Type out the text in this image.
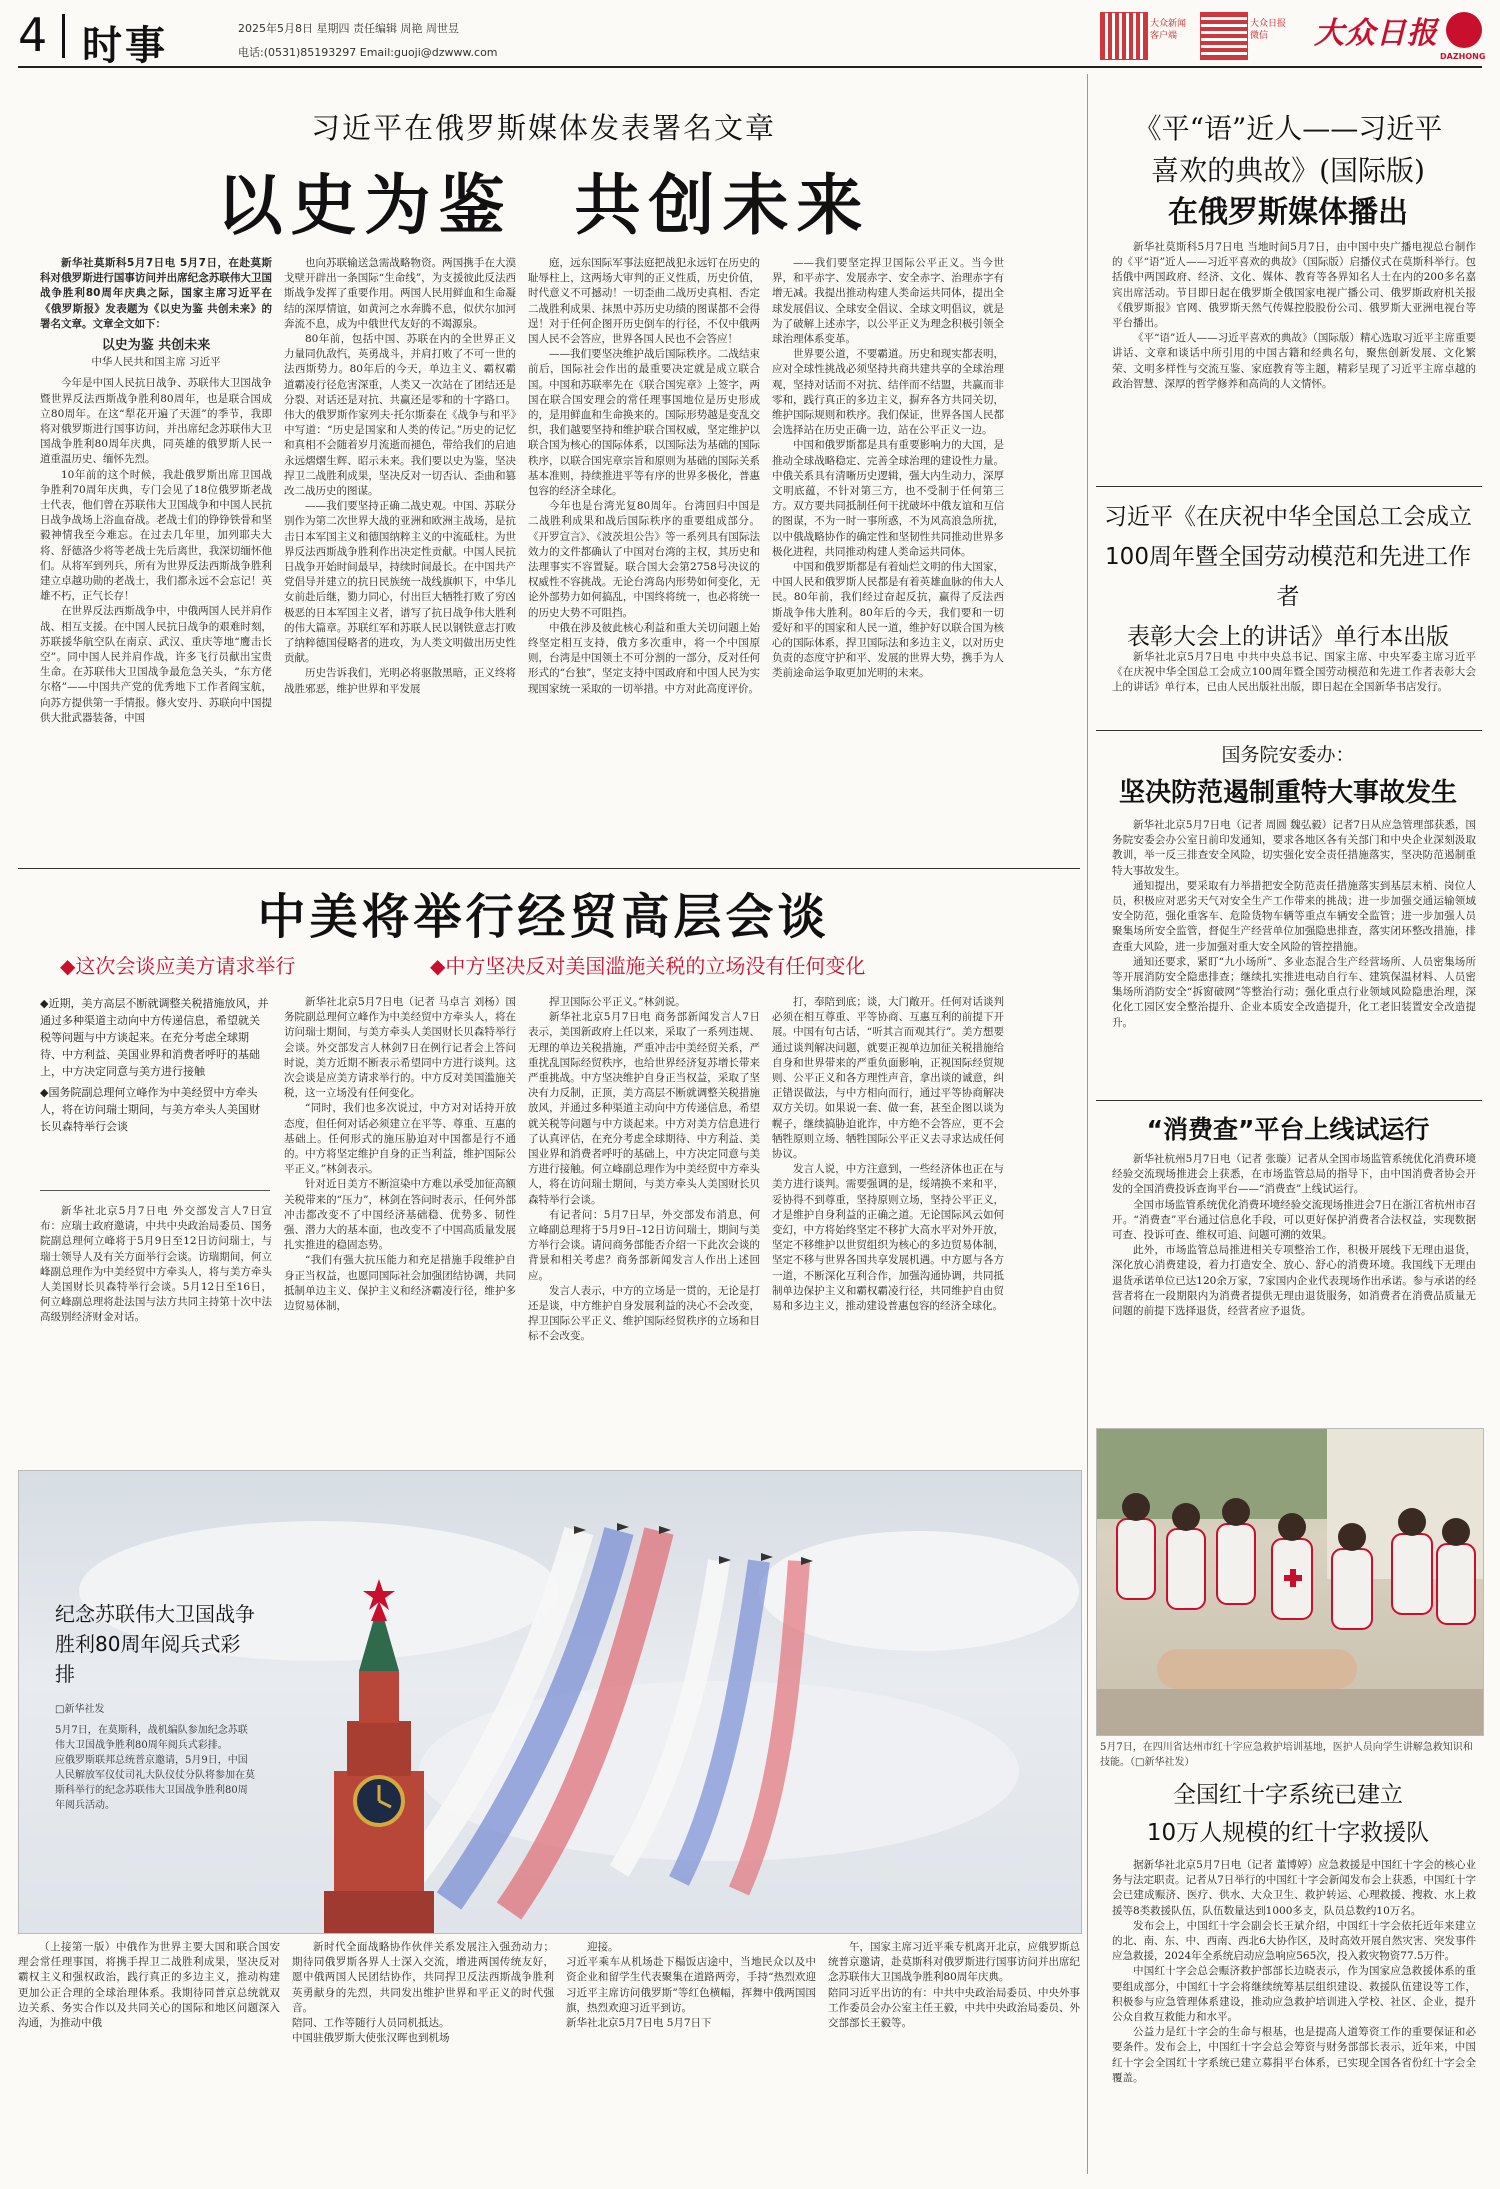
4 时事	2025年5月8日 星期四 责任编辑 周艳 周世昱
电话:(0531)85193297 Email:guoji@dzwww.com
大众新闻
客户端
大众日报
微信	大众日报
DAZHONG
习近平在俄罗斯媒体发表署名文章
以史为鉴  共创未来

新华社莫斯科5月7日电 5月7日，在赴莫斯科对俄罗斯进行国事访问并出席纪念苏联伟大卫国战争胜利80周年庆典之际，国家主席习近平在《俄罗斯报》发表题为《以史为鉴 共创未来》的署名文章。文章全文如下：

以史为鉴 共创未来

中华人民共和国主席 习近平

今年是中国人民抗日战争、苏联伟大卫国战争暨世界反法西斯战争胜利80周年，也是联合国成立80周年。在这“犁花开遍了天涯”的季节，我即将对俄罗斯进行国事访问，并出席纪念苏联伟大卫国战争胜利80周年庆典，同英雄的俄罗斯人民一道重温历史、缅怀先烈。

10年前的这个时候，我赴俄罗斯出席卫国战争胜利70周年庆典，专门会见了18位俄罗斯老战士代表，他们曾在苏联伟大卫国战争和中国人民抗日战争战场上浴血奋战。老战士们的铮铮铁骨和坚毅神情我至今难忘。在过去几年里，加列耶夫大将、舒德洛少将等老战士先后离世，我深切缅怀他们。从将军到列兵，所有为世界反法西斯战争胜利建立卓越功勋的老战士，我们都永远不会忘记！英雄不朽，正气长存！

在世界反法西斯战争中，中俄两国人民并肩作战、相互支援。在中国人民抗日战争的艰难时刻，苏联援华航空队在南京、武汉、重庆等地“鹰击长空”。同中国人民并肩作战，许多飞行员献出宝贵生命。在苏联伟大卫国战争最危急关头，“东方佬尔格”——中国共产党的优秀地下工作者阎宝航，向苏方提供第一手情报。修火安丹、苏联向中国提供大批武器装备，中国

也向苏联输送急需战略物资。两国携手在大漠戈壁开辟出一条国际“生命线”，为支援彼此反法西斯战争发挥了重要作用。两国人民用鲜血和生命凝结的深厚情谊，如黄河之水奔腾不息，似伏尔加河奔流不息，成为中俄世代友好的不竭源泉。

80年前，包括中国、苏联在内的全世界正义力量同仇敌忾，英勇战斗，并肩打败了不可一世的法西斯势力。80年后的今天，单边主义、霸权霸道霸凌行径危害深重，人类又一次站在了团结还是分裂、对话还是对抗、共赢还是零和的十字路口。伟大的俄罗斯作家列夫·托尔斯泰在《战争与和平》中写道：“历史是国家和人类的传记。”历史的记忆和真相不会随着岁月流逝而褪色，带给我们的启迪永远熠熠生辉、昭示未来。我们要以史为鉴，坚决捍卫二战胜利成果，坚决反对一切否认、歪曲和篡改二战历史的图谋。

——我们要坚持正确二战史观。中国、苏联分别作为第二次世界大战的亚洲和欧洲主战场，是抗击日本军国主义和德国纳粹主义的中流砥柱。为世界反法西斯战争胜利作出决定性贡献。中国人民抗日战争开始时间最早，持续时间最长。在中国共产党倡导并建立的抗日民族统一战线旗帜下，中华儿女前赴后继，勠力同心，付出巨大牺牲打败了穷凶极恶的日本军国主义者，谱写了抗日战争伟大胜利的伟大篇章。苏联红军和苏联人民以钢铁意志打败了纳粹德国侵略者的进攻，为人类文明做出历史性贡献。

历史告诉我们，光明必将驱散黑暗，正义终将战胜邪恶，维护世界和平发展

庭，远东国际军事法庭把战犯永远钉在历史的耻辱柱上，这两场大审判的正义性质，历史价值，时代意义不可撼动！一切歪曲二战历史真相、否定二战胜利成果、抹黑中苏历史功绩的图谋都不会得逞！对于任何企图开历史倒车的行径，不仅中俄两国人民不会答应，世界各国人民也不会答应！

——我们要坚决维护战后国际秩序。二战结束前后，国际社会作出的最重要决定就是成立联合国。中国和苏联率先在《联合国宪章》上签字，两国在联合国安理会的常任理事国地位是历史形成的，是用鲜血和生命换来的。国际形势越是变乱交织，我们越要坚持和维护联合国权威，坚定维护以联合国为核心的国际体系，以国际法为基础的国际秩序，以联合国宪章宗旨和原则为基础的国际关系基本准则，持续推进平等有序的世界多极化，普惠包容的经济全球化。

今年也是台湾光复80周年。台湾回归中国是二战胜利成果和战后国际秩序的重要组成部分。《开罗宣言》、《波茨坦公告》等一系列具有国际法效力的文件都确认了中国对台湾的主权，其历史和法理事实不容置疑。联合国大会第2758号决议的权威性不容挑战。无论台湾岛内形势如何变化，无论外部势力如何搞乱，中国终将统一，也必将统一的历史大势不可阻挡。

中俄在涉及彼此核心利益和重大关切问题上始终坚定相互支持，俄方多次重申，将一个中国原则，台湾是中国领土不可分割的一部分，反对任何形式的“台独”，坚定支持中国政府和中国人民为实现国家统一采取的一切举措。中方对此高度评价。

——我们要坚定捍卫国际公平正义。当今世界，和平赤字、发展赤字、安全赤字、治理赤字有增无减。我提出推动构建人类命运共同体，提出全球发展倡议、全球安全倡议、全球文明倡议，就是为了破解上述赤字，以公平正义为理念积极引领全球治理体系变革。

世界要公道，不要霸道。历史和现实都表明，应对全球性挑战必须坚持共商共建共享的全球治理观，坚持对话而不对抗、结伴而不结盟，共赢而非零和，践行真正的多边主义，摒弃各方共同关切，维护国际规则和秩序。我们保证，世界各国人民都会选择站在历史正确一边，站在公平正义一边。

中国和俄罗斯都是具有重要影响力的大国，是推动全球战略稳定、完善全球治理的建设性力量。中俄关系具有清晰历史逻辑，强大内生动力，深厚文明底蕴，不针对第三方，也不受制于任何第三方。双方要共同抵制任何干扰破坏中俄友谊和互信的图谋，不为一时一事所惑，不为风高浪急所扰，以中俄战略协作的确定性和坚韧性共同推动世界多极化进程，共同推动构建人类命运共同体。

中国和俄罗斯都是有着灿烂文明的伟大国家，中国人民和俄罗斯人民都是有着英雄血脉的伟大人民。80年前，我们经过奋起反抗，赢得了反法西斯战争伟大胜利。80年后的今天，我们要和一切爱好和平的国家和人民一道，维护好以联合国为核心的国际体系，捍卫国际法和多边主义，以对历史负责的态度守护和平、发展的世界大势，携手为人类前途命运争取更加光明的未来。

中美将举行经贸高层会谈
◆这次会谈应美方请求举行	◆中方坚决反对美国滥施关税的立场没有任何变化
◆近期，美方高层不断就调整关税措施放风，并通过多种渠道主动向中方传递信息，希望就关税等问题与中方谈起来。在充分考虑全球期待、中方利益、美国业界和消费者呼吁的基础上，中方决定同意与美方进行接触
◆国务院副总理何立峰作为中美经贸中方牵头人，将在访问瑞士期间，与美方牵头人美国财长贝森特举行会谈

新华社北京5月7日电 外交部发言人7日宣布：应瑞士政府邀请，中共中央政治局委员、国务院副总理何立峰将于5月9日至12日访问瑞士，与瑞士领导人及有关方面举行会谈。访瑞期间，何立峰副总理作为中美经贸中方牵头人，将与美方牵头人美国财长贝森特举行会谈。5月12日至16日，何立峰副总理将赴法国与法方共同主持第十次中法高级别经济财金对话。

新华社北京5月7日电（记者 马卓言 刘杨）国务院副总理何立峰作为中美经贸中方牵头人，将在访问瑞士期间，与美方牵头人美国财长贝森特举行会谈。外交部发言人林剑7日在例行记者会上答问时说，美方近期不断表示希望同中方进行谈判。这次会谈是应美方请求举行的。中方反对美国滥施关税，这一立场没有任何变化。

“同时，我们也多次说过，中方对对话持开放态度，但任何对话必须建立在平等、尊重、互惠的基础上。任何形式的施压胁迫对中国都是行不通的。中方将坚定维护自身的正当利益，维护国际公平正义。”林剑表示。

针对近日美方不断渲染中方难以承受加征高额关税带来的“压力”，林剑在答问时表示，任何外部冲击都改变不了中国经济基础稳、优势多、韧性强、潜力大的基本面，也改变不了中国高质量发展扎实推进的稳固态势。

“我们有强大抗压能力和充足措施手段维护自身正当权益，也愿同国际社会加强团结协调，共同抵制单边主义、保护主义和经济霸凌行径，维护多边贸易体制，

捍卫国际公平正义。”林剑说。

新华社北京5月7日电 商务部新闻发言人7日表示，美国新政府上任以来，采取了一系列违规、无理的单边关税措施，严重冲击中美经贸关系，严重扰乱国际经贸秩序，也给世界经济复苏增长带来严重挑战。中方坚决维护自身正当权益，采取了坚决有力反制，正顶，美方高层不断就调整关税措施放风，并通过多种渠道主动向中方传递信息，希望就关税等问题与中方谈起来。中方对美方信息进行了认真评估，在充分考虑全球期待、中方利益、美国业界和消费者呼吁的基础上，中方决定同意与美方进行接触。何立峰副总理作为中美经贸中方牵头人，将在访问瑞士期间，与美方牵头人美国财长贝森特举行会谈。

有记者问：5月7日早，外交部发布消息，何立峰副总理将于5月9日–12日访问瑞士，期间与美方举行会谈。请问商务部能否介绍一下此次会谈的背景和相关考虑？商务部新闻发言人作出上述回应。

发言人表示，中方的立场是一贯的，无论是打还是谈，中方维护自身发展利益的决心不会改变，捍卫国际公平正义、维护国际经贸秩序的立场和目标不会改变。

打，奉陪到底；谈，大门敞开。任何对话谈判必须在相互尊重、平等协商、互惠互利的前提下开展。中国有句古话，“听其言而观其行”。美方想要通过谈判解决问题，就要正视单边加征关税措施给自身和世界带来的严重负面影响，正视国际经贸规则、公平正义和各方理性声音，拿出谈的诚意，纠正错误做法，与中方相向而行，通过平等协商解决双方关切。如果说一套、做一套，甚至企图以谈为幌子，继续搞胁迫讹诈，中方绝不会答应，更不会牺牲原则立场、牺牲国际公平正义去寻求达成任何协议。

发言人说，中方注意到，一些经济体也正在与美方进行谈判。需要强调的是，绥靖换不来和平，妥协得不到尊重，坚持原则立场，坚持公平正义，才是维护自身利益的正确之道。无论国际风云如何变幻，中方将始终坚定不移扩大高水平对外开放，坚定不移维护以世贸组织为核心的多边贸易体制，坚定不移与世界各国共享发展机遇。中方愿与各方一道，不断深化互利合作，加强沟通协调，共同抵制单边保护主义和霸权霸凌行径，共同维护自由贸易和多边主义，推动建设普惠包容的经济全球化。

纪念苏联伟大卫国战争
胜利80周年阅兵式彩排
□新华社发
5月7日，在莫斯科，战机编队参加纪念苏联伟大卫国战争胜利80周年阅兵式彩排。
应俄罗斯联邦总统普京邀请，5月9日，中国人民解放军仪仗司礼大队仪仗分队将参加在莫斯科举行的纪念苏联伟大卫国战争胜利80周年阅兵活动。

（上接第一版）中俄作为世界主要大国和联合国安理会常任理事国，将携手捍卫二战胜利成果，坚决反对霸权主义和强权政治，践行真正的多边主义，推动构建更加公正合理的全球治理体系。我期待同普京总统就双边关系、务实合作以及共同关心的国际和地区问题深入沟通，为推动中俄

新时代全面战略协作伙伴关系发展注入强劲动力；期待同俄罗斯各界人士深入交流，增进两国传统友好，愿中俄两国人民团结协作，共同捍卫反法西斯战争胜利英勇献身的先烈，共同发出维护世界和平正义的时代强音。
陪同、工作等随行人员同机抵达。
中国驻俄罗斯大使张汉晖也到机场

迎接。
习近平乘车从机场赴下榻饭店途中，当地民众以及中资企业和留学生代表聚集在道路两旁，手持“热烈欢迎习近平主席访问俄罗斯”等红色横幅，挥舞中俄两国国旗，热烈欢迎习近平到访。
新华社北京5月7日电 5月7日下

午，国家主席习近平乘专机离开北京，应俄罗斯总统普京邀请，赴莫斯科对俄罗斯进行国事访问并出席纪念苏联伟大卫国战争胜利80周年庆典。
陪同习近平出访的有：中共中央政治局委员、中央外事工作委员会办公室主任王毅，中共中央政治局委员、外交部部长王毅等。

《平“语”近人——习近平
喜欢的典故》(国际版)
在俄罗斯媒体播出

新华社莫斯科5月7日电 当地时间5月7日，由中国中央广播电视总台制作的《平“语”近人——习近平喜欢的典故》（国际版）启播仪式在莫斯科举行。包括俄中两国政府、经济、文化、媒体、教育等各界知名人士在内的200多名嘉宾出席活动。节目即日起在俄罗斯全俄国家电视广播公司、俄罗斯政府机关报《俄罗斯报》官网、俄罗斯天然气传媒控股股份公司、俄罗斯大亚洲电视台等平台播出。

《平“语”近人——习近平喜欢的典故》（国际版）精心选取习近平主席重要讲话、文章和谈话中所引用的中国古籍和经典名句，聚焦创新发展、文化繁荣、文明多样性与交流互鉴、家庭教育等主题，精彩呈现了习近平主席卓越的政治智慧、深厚的哲学修养和高尚的人文情怀。

习近平《在庆祝中华全国总工会成立
100周年暨全国劳动模范和先进工作者
表彰大会上的讲话》单行本出版

新华社北京5月7日电 中共中央总书记、国家主席、中央军委主席习近平《在庆祝中华全国总工会成立100周年暨全国劳动模范和先进工作者表彰大会上的讲话》单行本，已由人民出版社出版，即日起在全国新华书店发行。

国务院安委办：
坚决防范遏制重特大事故发生

新华社北京5月7日电（记者 周圆 魏弘毅）记者7日从应急管理部获悉，国务院安委会办公室日前印发通知，要求各地区各有关部门和中央企业深刻汲取教训，举一反三排查安全风险，切实强化安全责任措施落实，坚决防范遏制重特大事故发生。

通知提出，要采取有力举措把安全防范责任措施落实到基层末梢、岗位人员，积极应对恶劣天气对安全生产工作带来的挑战；进一步加强交通运输领域安全防范，强化重客车、危险货物车辆等重点车辆安全监管；进一步加强人员聚集场所安全监管，督促生产经营单位加强隐患排查，落实闭环整改措施，排查重大风险，进一步加强对重大安全风险的管控措施。

通知还要求，紧盯“九小场所”、多业态混合生产经营场所、人员密集场所等开展消防安全隐患排查；继续扎实推进电动自行车、建筑保温材料、人员密集场所消防安全“拆窗破网”等整治行动；强化重点行业领域风险隐患治理，深化化工园区安全整治提升、企业本质安全改造提升，化工老旧装置安全改造提升。

“消费查”平台上线试运行

新华社杭州5月7日电（记者 张璇）记者从全国市场监管系统优化消费环境经验交流现场推进会上获悉，在市场监管总局的指导下，由中国消费者协会开发的全国消费投诉查询平台——“消费查”上线试运行。

全国市场监管系统优化消费环境经验交流现场推进会7日在浙江省杭州市召开。“消费查”平台通过信息化手段，可以更好保护消费者合法权益，实现数据可查、投诉可查、维权可追、问题可溯的效果。

此外，市场监管总局推进相关专项整治工作，积极开展线下无理由退货，深化放心消费建设，着力打造安全、放心、舒心的消费环境。我国线下无理由退货承诺单位已达120余万家，7家国内企业代表现场作出承诺。参与承诺的经营者将在一段期限内为消费者提供无理由退货服务，如消费者在消费品质量无问题的前提下选择退货，经营者应予退货。

5月7日，在四川省达州市红十字应急救护培训基地，医护人员向学生讲解急救知识和技能。（□新华社发）
全国红十字系统已建立
10万人规模的红十字救援队

据新华社北京5月7日电（记者 董博婷）应急救援是中国红十字会的核心业务与法定职责。记者从7日举行的中国红十字会新闻发布会上获悉，中国红十字会已建成赈济、医疗、供水、大众卫生、救护转运、心理救援、搜救、水上救援等8类救援队伍，队伍数量达到1000多支，队员总数约10万名。

发布会上，中国红十字会副会长王斌介绍，中国红十字会依托近年来建立的北、南、东、中、西南、西北6大协作区，及时高效开展自然灾害、突发事件应急救援，2024年全系统启动应急响应565次，投入救灾物资77.5万件。

中国红十字会总会赈济救护部部长边晓表示，作为国家应急救援体系的重要组成部分，中国红十字会将继续统筹基层组织建设、救援队伍建设等工作，积极参与应急管理体系建设，推动应急救护培训进入学校、社区、企业，提升公众自救互救能力和水平。

公益力是红十字会的生命与根基，也是提高人道筹资工作的重要保证和必要条件。发布会上，中国红十字会总会筹资与财务部部长表示，近年来，中国红十字会全国红十字系统已建立募捐平台体系，已实现全国各省份红十字会全覆盖。
